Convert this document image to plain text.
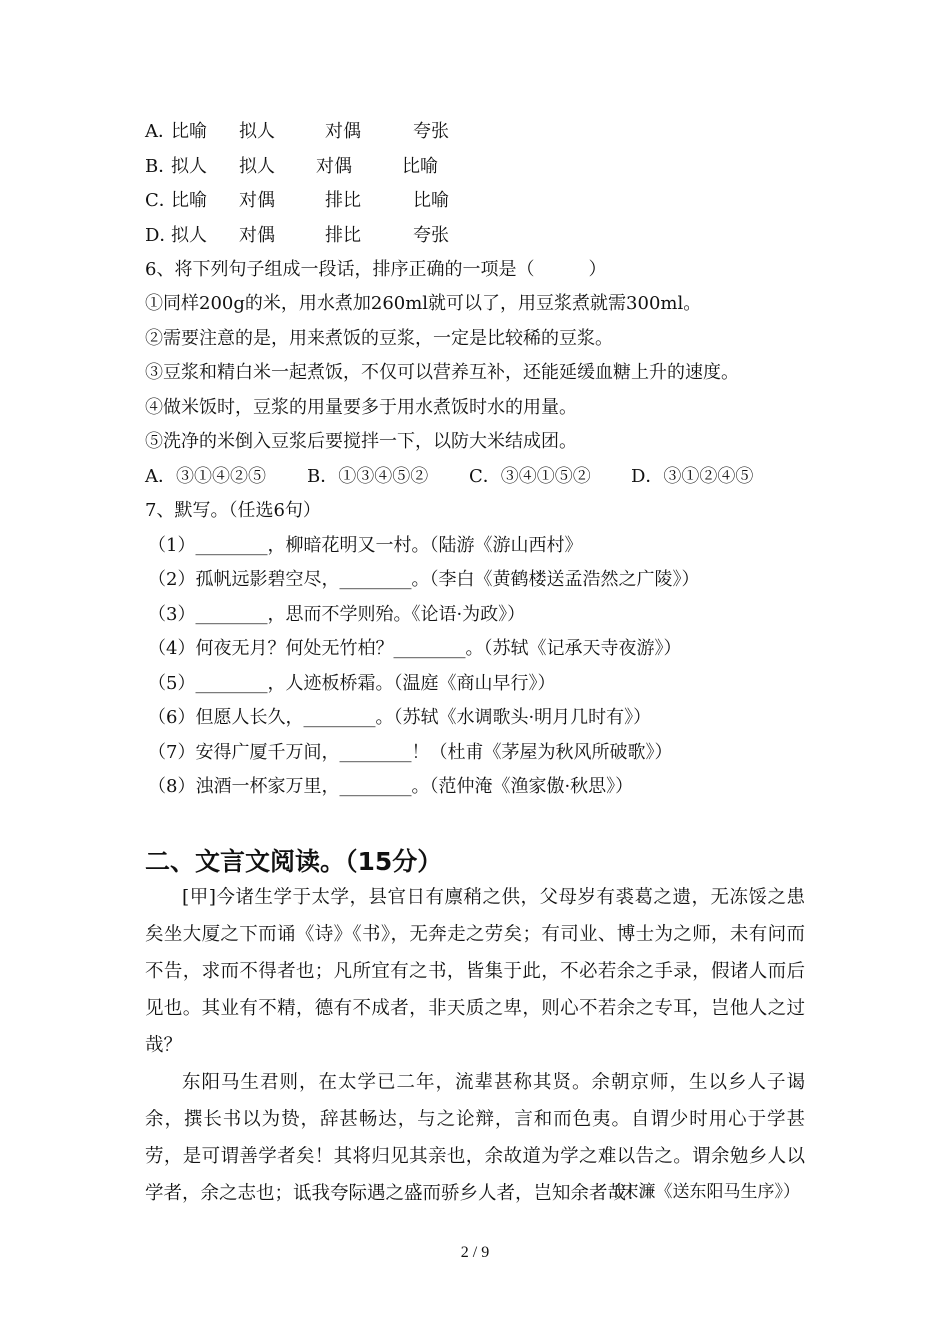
A．比喻 拟人	对偶	夸张
B．拟人 拟人 对偶	比喻
C．比喻 对偶	排比	比喻
D．拟人 对偶	排比	夸张
6、将下列句子组成一段话，排序正确的一项是（　　　）
①同样200g的米，用水煮加260ml就可以了，用豆浆煮就需300ml。
②需要注意的是，用来煮饭的豆浆，一定是比较稀的豆浆。
③豆浆和精白米一起煮饭，不仅可以营养互补，还能延缓血糖上升的速度。
④做米饭时，豆浆的用量要多于用水煮饭时水的用量。
⑤洗净的米倒入豆浆后要搅拌一下，以防大米结成团。
A．③①④②⑤ B．①③④⑤② C．③④①⑤② D．③①②④⑤
7、默写。（任选6句）
（1）________，柳暗花明又一村。（陆游《游山西村》
（2）孤帆远影碧空尽，________。（李白《黄鹤楼送孟浩然之广陵》）
（3）________，思而不学则殆。《论语·为政》）
（4）何夜无月？何处无竹柏？________。（苏轼《记承天寺夜游》）
（5）________，人迹板桥霜。（温庭《商山早行》）
（6）但愿人长久，________。（苏轼《水调歌头·明月几时有》）
（7）安得广厦千万间，________！（杜甫《茅屋为秋风所破歌》）
（8）浊酒一杯家万里，________。（范仲淹《渔家傲·秋思》）
二、文言文阅读。（15分）

[甲]今诸生学于太学，县官日有廪稍之供，父母岁有裘葛之遗，无冻馁之患矣坐大厦之下而诵《诗》《书》，无奔走之劳矣；有司业、博士为之师，未有问而不告，求而不得者也；凡所宜有之书，皆集于此，不必若余之手录，假诸人而后见也。其业有不精，德有不成者，非天质之卑，则心不若余之专耳，岂他人之过哉？

东阳马生君则，在太学已二年，流辈甚称其贤。余朝京师，生以乡人子谒余，撰长书以为贽，辞甚畅达，与之论辩，言和而色夷。自谓少时用心于学甚劳，是可谓善学者矣！其将归见其亲也，余故道为学之难以告之。谓余勉乡人以学者，余之志也；诋我夸际遇之盛而骄乡人者，岂知余者哉！

（宋濂《送东阳马生序》）
2 / 9
